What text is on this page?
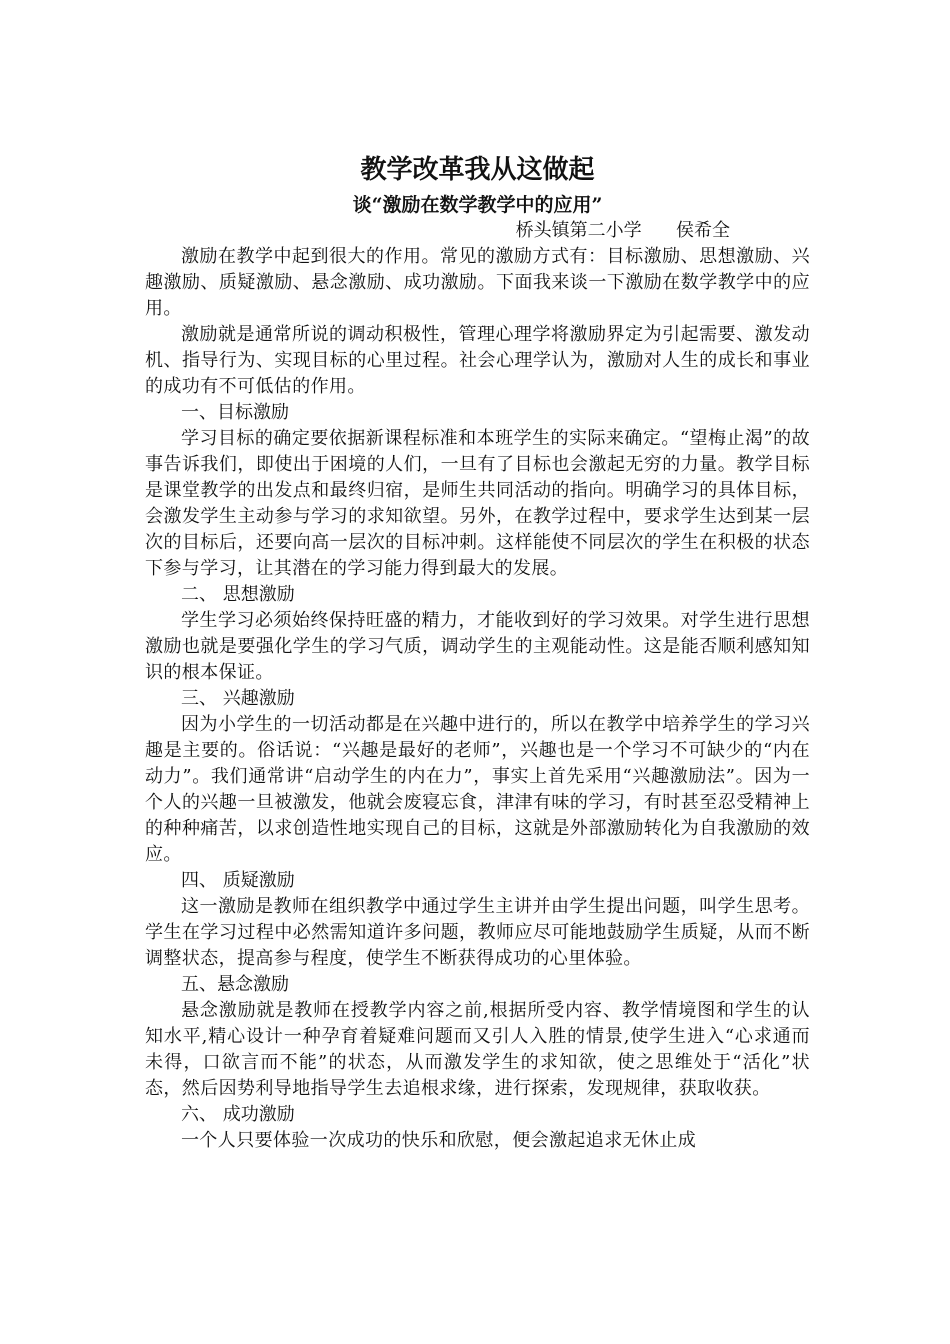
教学改革我从这做起

谈“激励在数学教学中的应用”

桥头镇第二小学      侯希全

激励在教学中起到很大的作用。常见的激励方式有：目标激励、思想激励、兴趣激励、质疑激励、悬念激励、成功激励。下面我来谈一下激励在数学教学中的应用。

激励就是通常所说的调动积极性，管理心理学将激励界定为引起需要、激发动机、指导行为、实现目标的心里过程。社会心理学认为，激励对人生的成长和事业的成功有不可低估的作用。

一、目标激励

学习目标的确定要依据新课程标准和本班学生的实际来确定。“望梅止渴”的故事告诉我们，即使出于困境的人们，一旦有了目标也会激起无穷的力量。教学目标是课堂教学的出发点和最终归宿，是师生共同活动的指向。明确学习的具体目标，会激发学生主动参与学习的求知欲望。另外，在教学过程中，要求学生达到某一层次的目标后，还要向高一层次的目标冲刺。这样能使不同层次的学生在积极的状态下参与学习，让其潜在的学习能力得到最大的发展。

二、 思想激励

学生学习必须始终保持旺盛的精力，才能收到好的学习效果。对学生进行思想激励也就是要强化学生的学习气质，调动学生的主观能动性。这是能否顺利感知知识的根本保证。

三、 兴趣激励

因为小学生的一切活动都是在兴趣中进行的，所以在教学中培养学生的学习兴趣是主要的。俗话说：“兴趣是最好的老师”，兴趣也是一个学习不可缺少的“内在动力”。我们通常讲“启动学生的内在力”，事实上首先采用“兴趣激励法”。因为一个人的兴趣一旦被激发，他就会废寝忘食，津津有味的学习，有时甚至忍受精神上的种种痛苦，以求创造性地实现自己的目标，这就是外部激励转化为自我激励的效应。

四、 质疑激励

这一激励是教师在组织教学中通过学生主讲并由学生提出问题，叫学生思考。学生在学习过程中必然需知道许多问题，教师应尽可能地鼓励学生质疑，从而不断调整状态，提高参与程度，使学生不断获得成功的心里体验。

五、悬念激励

悬念激励就是教师在授教学内容之前,根据所受内容、教学情境图和学生的认知水平,精心设计一种孕育着疑难问题而又引人入胜的情景,使学生进入“心求通而未得，口欲言而不能”的状态，从而激发学生的求知欲，使之思维处于“活化”状态，然后因势利导地指导学生去追根求缘，进行探索，发现规律，获取收获。

六、 成功激励

一个人只要体验一次成功的快乐和欣慰，便会激起追求无休止成
